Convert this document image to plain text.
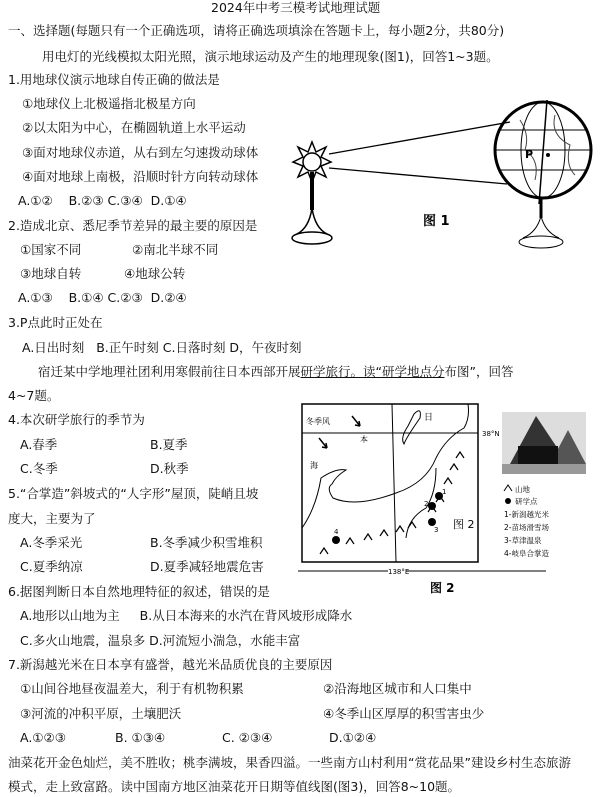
2024年中考三模考试地理试题
一、选择题(每题只有一个正确选项，请将正确选项填涂在答题卡上，每小题2分，共80分)
用电灯的光线模拟太阳光照，演示地球运动及产生的地理现象(图1)，回答1~3题。
1.用地球仪演示地球自传正确的做法是
①地球仪上北极遥指北极星方向
②以太阳为中心，在椭圆轨道上水平运动
③面对地球仪赤道，从右到左匀速拨动球体
④面对地球上南极，沿顺时针方向转动球体
A.①②    B.②③ C.③④  D.①④
2.造成北京、悉尼季节差异的最主要的原因是
①国家不同	②南北半球不同
③地球自转	④地球公转
A.①③    B.①④ C.②③  D.②④
3.P点此时正处在
A.日出时刻   B.正午时刻 C.日落时刻 D，午夜时刻
宿迁某中学地理社团利用寒假前往日本西部开展研学旅行。读“研学地点分布图”，回答
4~7题。
4.本次研学旅行的季节为
A.春季	B.夏季
C.冬季	D.秋季
5.“合掌造”斜坡式的“人字形”屋顶，陡峭且坡
度大，主要为了
A.冬季采光	B.冬季减少积雪堆积
C.夏季纳凉	D.夏季减轻地震危害
6.据图判断日本自然地理特征的叙述，错误的是
A.地形以山地为主     B.从日本海来的水汽在背风坡形成降水
C.多火山地震，温泉多 D.河流短小湍急，水能丰富
7.新潟越光米在日本享有盛誉，越光米品质优良的主要原因
①山间谷地昼夜温差大，利于有机物积累	②沿海地区城市和人口集中
③河流的冲积平原，土壤肥沃	④冬季山区厚厚的积雪害虫少
A.①②③	B. ①③④	C. ②③④	D.①②④
油菜花开金色灿烂，美不胜收；桃李满坡，果香四溢。一些南方山村利用“赏花品果”建设乡村生态旅游
模式，走上致富路。读中国南方地区油菜花开日期等值线图(图3)，回答8~10题。
P
图 1
冬季风	日
本
海
38°N
1
2
3
4
图 2
山地
研学点
1-新潟越光米
2-苗场滑雪场
3-草津温泉
4-岐阜合掌造
138°E
图 2
